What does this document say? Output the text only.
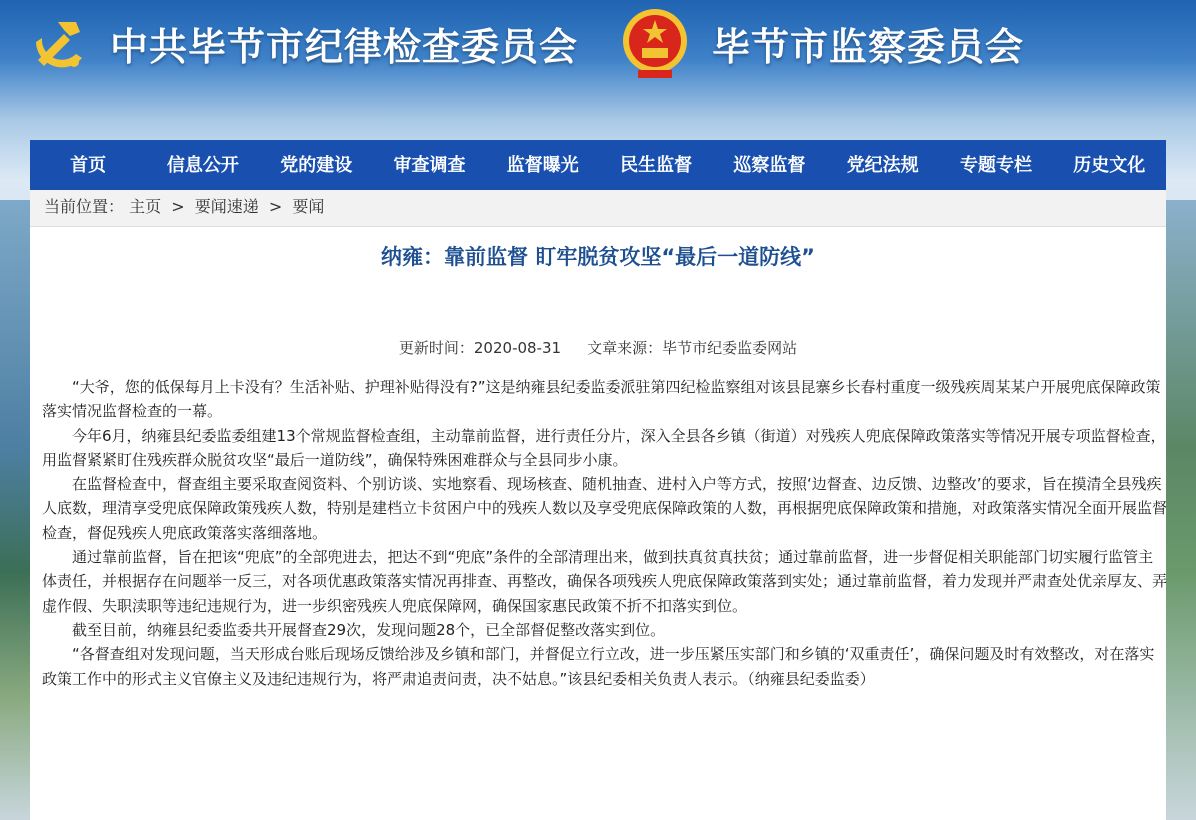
中共毕节市纪律检查委员会	毕节市监察委员会
首页	信息公开	党的建设	审查调查	监督曝光	民生监督	巡察监督	党纪法规	专题专栏	历史文化
当前位置： 主页 > 要闻速递 > 要闻
纳雍：靠前监督 盯牢脱贫攻坚“最后一道防线”
更新时间：2020-08-31 文章来源：毕节市纪委监委网站

“大爷，您的低保每月上卡没有？生活补贴、护理补贴得没有?”这是纳雍县纪委监委派驻第四纪检监察组对该县昆寨乡长春村重度一级残疾周某某户开展兜底保障政策落实情况监督检查的一幕。

今年6月，纳雍县纪委监委组建13个常规监督检查组，主动靠前监督，进行责任分片，深入全县各乡镇（街道）对残疾人兜底保障政策落实等情况开展专项监督检查，用监督紧紧盯住残疾群众脱贫攻坚“最后一道防线”，确保特殊困难群众与全县同步小康。

在监督检查中，督查组主要采取查阅资料、个别访谈、实地察看、现场核查、随机抽查、进村入户等方式，按照‘边督查、边反馈、边整改’的要求，旨在摸清全县残疾人底数，理清享受兜底保障政策残疾人数，特别是建档立卡贫困户中的残疾人数以及享受兜底保障政策的人数，再根据兜底保障政策和措施，对政策落实情况全面开展监督检查，督促残疾人兜底政策落实落细落地。

通过靠前监督，旨在把该“兜底”的全部兜进去，把达不到“兜底”条件的全部清理出来，做到扶真贫真扶贫；通过靠前监督，进一步督促相关职能部门切实履行监管主体责任，并根据存在问题举一反三，对各项优惠政策落实情况再排查、再整改，确保各项残疾人兜底保障政策落到实处；通过靠前监督，着力发现并严肃查处优亲厚友、弄虚作假、失职渎职等违纪违规行为，进一步织密残疾人兜底保障网，确保国家惠民政策不折不扣落实到位。

截至目前，纳雍县纪委监委共开展督查29次，发现问题28个，已全部督促整改落实到位。

“各督查组对发现问题，当天形成台账后现场反馈给涉及乡镇和部门，并督促立行立改，进一步压紧压实部门和乡镇的‘双重责任’，确保问题及时有效整改，对在落实政策工作中的形式主义官僚主义及违纪违规行为，将严肃追责问责，决不姑息。”该县纪委相关负责人表示。（纳雍县纪委监委）
